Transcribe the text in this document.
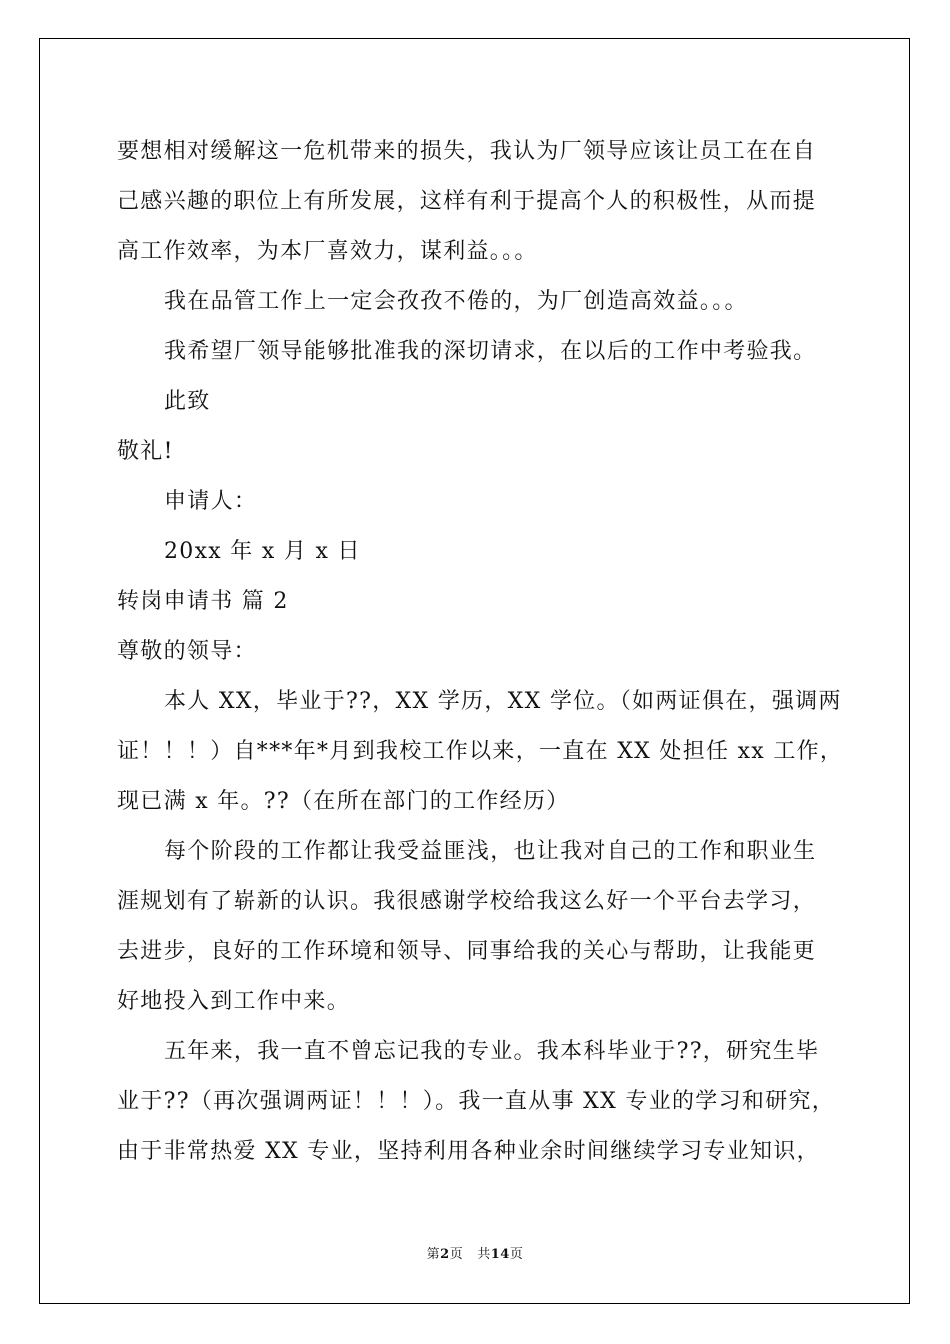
要想相对缓解这一危机带来的损失，我认为厂领导应该让员工在在自

己感兴趣的职位上有所发展，这样有利于提高个人的积极性，从而提

高工作效率，为本厂喜效力，谋利益。。。

我在品管工作上一定会孜孜不倦的，为厂创造高效益。。。

我希望厂领导能够批准我的深切请求，在以后的工作中考验我。

此致

敬礼!

申请人：

20xx 年 x 月 x 日

转岗申请书 篇 2

尊敬的领导：

本人 XX，毕业于??，XX 学历，XX 学位。（如两证俱在，强调两

证！！！）自***年*月到我校工作以来，一直在 XX 处担任 xx 工作，

现已满 x 年。??（在所在部门的工作经历）

每个阶段的工作都让我受益匪浅，也让我对自己的工作和职业生

涯规划有了崭新的认识。我很感谢学校给我这么好一个平台去学习，

去进步，良好的工作环境和领导、同事给我的关心与帮助，让我能更

好地投入到工作中来。

五年来，我一直不曾忘记我的专业。我本科毕业于??，研究生毕

业于??（再次强调两证！！！）。我一直从事 XX 专业的学习和研究，

由于非常热爱 XX 专业，坚持利用各种业余时间继续学习专业知识，

第2页 共14页
